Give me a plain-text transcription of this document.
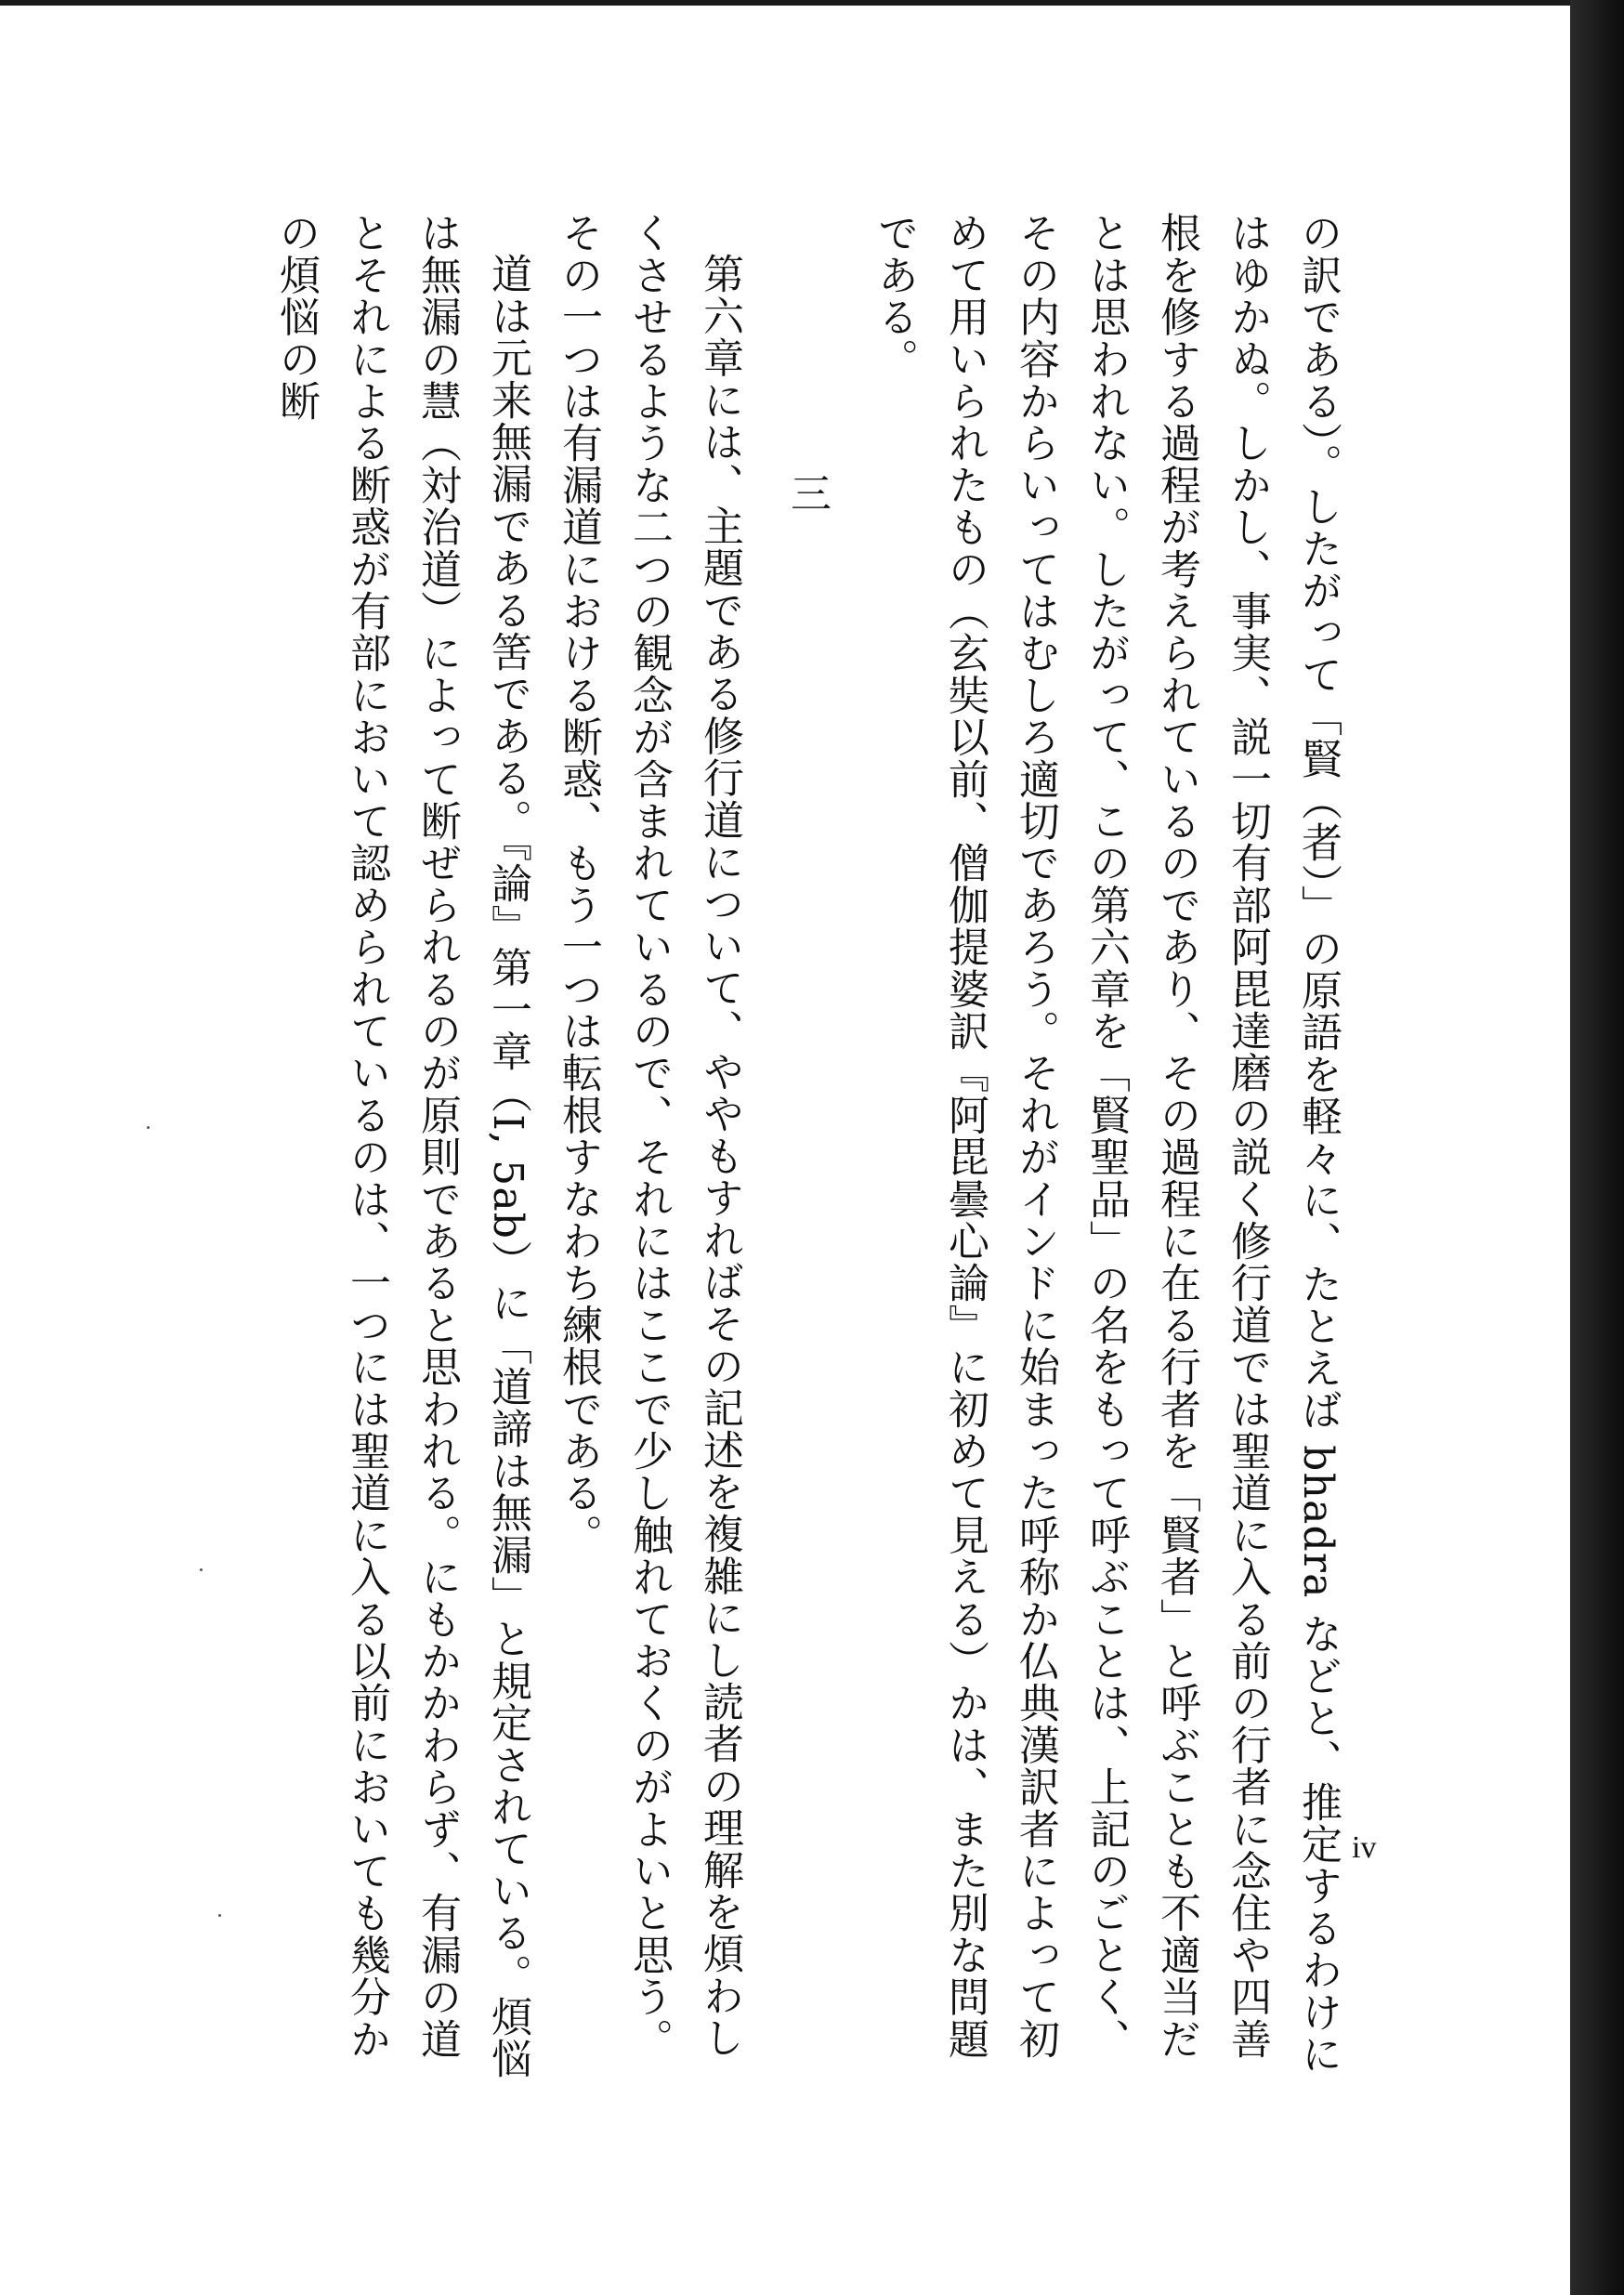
iv

の訳である）。したがって「賢（者）」の原語を軽々に、たとえば bhadra などと、推定するわけにはゆかぬ。しかし、事実、説一切有部阿毘達磨の説く修行道では聖道に入る前の行者に念住や四善根を修する過程が考えられているのであり、その過程に在る行者を「賢者」と呼ぶことも不適当だとは思われない。したがって、この第六章を「賢聖品」の名をもって呼ぶことは、上記のごとく、その内容からいってはむしろ適切であろう。それがインドに始まった呼称か仏典漢訳者によって初めて用いられたもの（玄奘以前、僧伽提婆訳『阿毘曇心論』に初めて見える）かは、また別な問題である。

三

第六章には、主題である修行道について、ややもすればその記述を複雑にし読者の理解を煩わしくさせるような二つの観念が含まれているので、それにはここで少し触れておくのがよいと思う。その一つは有漏道における断惑、もう一つは転根すなわち練根である。

道は元来無漏である筈である。『論』第一章（I, 5ab）に「道諦は無漏」と規定されている。煩悩は無漏の慧（対治道）によって断ぜられるのが原則であると思われる。にもかかわらず、有漏の道とそれによる断惑が有部において認められているのは、一つには聖道に入る以前においても幾分かの煩悩の断
